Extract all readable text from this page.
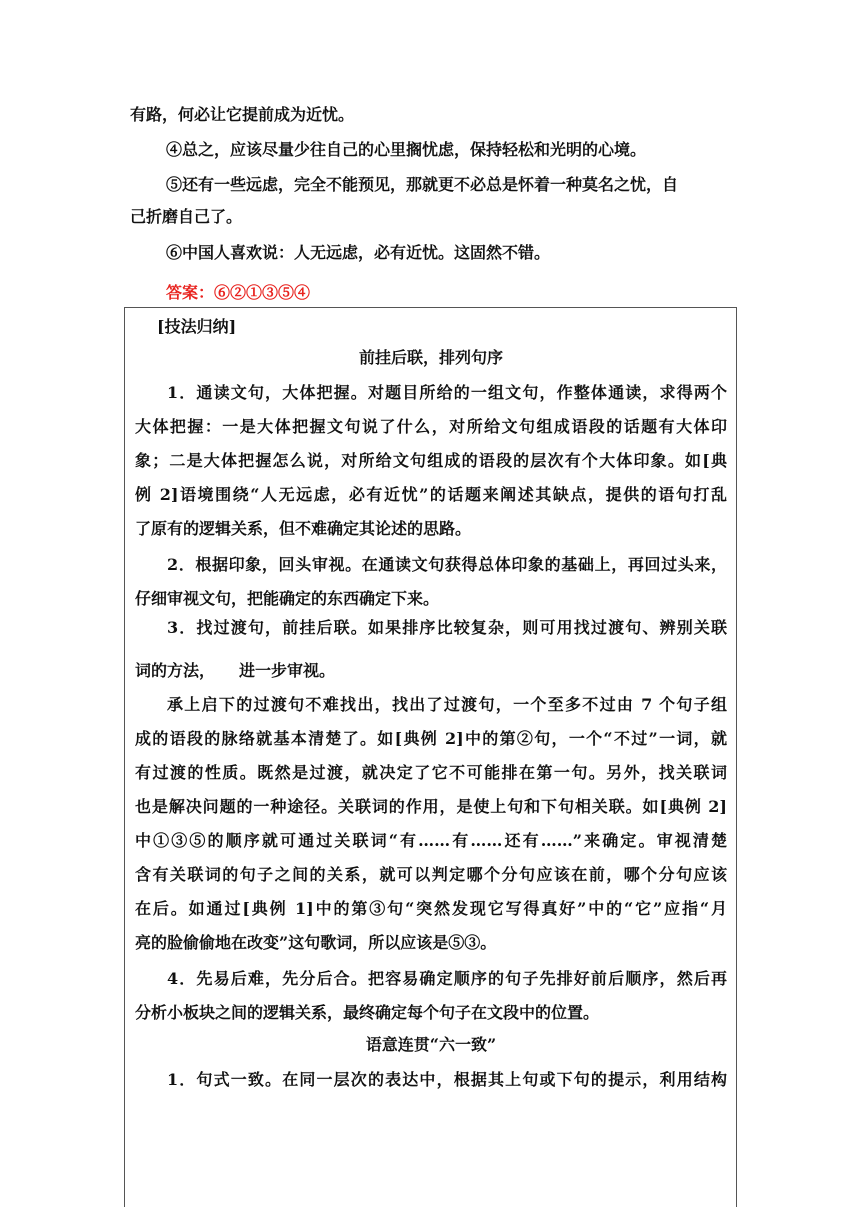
有路，何必让它提前成为近忧。

④总之，应该尽量少往自己的心里搁忧虑，保持轻松和光明的心境。

⑤还有一些远虑，完全不能预见，那就更不必总是怀着一种莫名之忧，自

己折磨自己了。

⑥中国人喜欢说：人无远虑，必有近忧。这固然不错。

答案：⑥②①③⑤④

[技法归纳]

前挂后联，排列句序

1．通读文句，大体把握。对题目所给的一组文句，作整体通读，求得两个

大体把握：一是大体把握文句说了什么，对所给文句组成语段的话题有大体印

象；二是大体把握怎么说，对所给文句组成的语段的层次有个大体印象。如[典

例 2]语境围绕“人无远虑，必有近忧”的话题来阐述其缺点，提供的语句打乱

了原有的逻辑关系，但不难确定其论述的思路。

2．根据印象，回头审视。在通读文句获得总体印象的基础上，再回过头来，

仔细审视文句，把能确定的东西确定下来。

3．找过渡句，前挂后联。如果排序比较复杂，则可用找过渡句、辨别关联

词的方法，　　进一步审视。

承上启下的过渡句不难找出，找出了过渡句，一个至多不过由 7 个句子组

成的语段的脉络就基本清楚了。如[典例 2]中的第②句，一个“不过”一词，就

有过渡的性质。既然是过渡，就决定了它不可能排在第一句。另外，找关联词

也是解决问题的一种途径。关联词的作用，是使上句和下句相关联。如[典例 2]

中①③⑤的顺序就可通过关联词“有……有……还有……”来确定。审视清楚

含有关联词的句子之间的关系，就可以判定哪个分句应该在前，哪个分句应该

在后。如通过[典例 1]中的第③句“突然发现它写得真好”中的“它”应指“月

亮的脸偷偷地在改变”这句歌词，所以应该是⑤③。

4．先易后难，先分后合。把容易确定顺序的句子先排好前后顺序，然后再

分析小板块之间的逻辑关系，最终确定每个句子在文段中的位置。

语意连贯“六一致”

1．句式一致。在同一层次的表达中，根据其上句或下句的提示，利用结构
